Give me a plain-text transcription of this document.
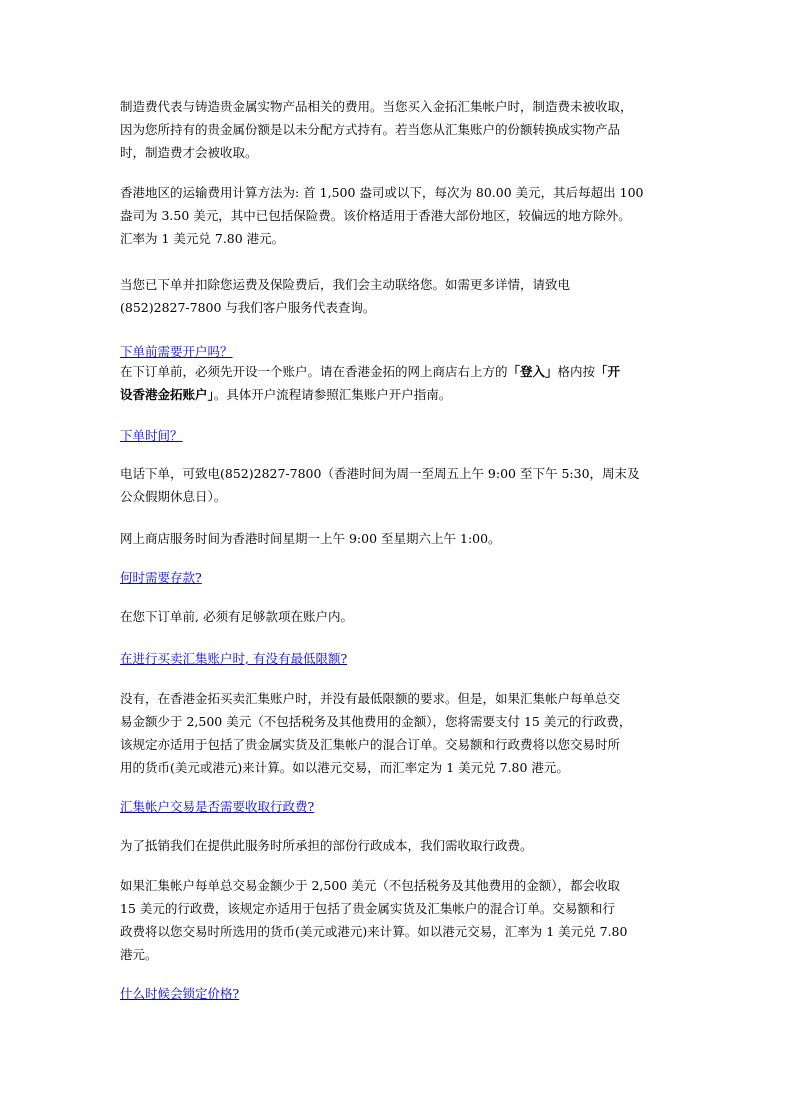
制造费代表与铸造贵金属实物产品相关的费用。当您买入金拓汇集帐户时，制造费未被收取，
因为您所持有的贵金属份额是以未分配方式持有。若当您从汇集账户的份额转换成实物产品
时，制造费才会被收取。
香港地区的运输费用计算方法为: 首 1,500 盎司或以下，每次为 80.00 美元，其后每超出 100
盎司为 3.50 美元，其中已包括保险费。该价格适用于香港大部份地区，较偏远的地方除外。
汇率为 1 美元兑 7.80 港元。
当您已下单并扣除您运费及保险费后，我们会主动联络您。如需更多详情，请致电
(852)2827-7800 与我们客户服务代表查询。
下单前需要开户吗？
在下订单前，必须先开设一个账户。请在香港金拓的网上商店右上方的「登入」格内按「开
设香港金拓账户」。具体开户流程请参照汇集账户开户指南。
下单时间？
电话下单，可致电(852)2827-7800（香港时间为周一至周五上午 9:00 至下午 5:30，周末及
公众假期休息日）。
网上商店服务时间为香港时间星期一上午 9:00 至星期六上午 1:00。
何时需要存款?
在您下订单前, 必须有足够款项在账户内。
在进行买卖汇集账户时, 有没有最低限额?
没有，在香港金拓买卖汇集账户时，并没有最低限额的要求。但是，如果汇集帐户每单总交
易金额少于 2,500 美元（不包括税务及其他费用的金额），您将需要支付 15 美元的行政费，
该规定亦适用于包括了贵金属实货及汇集帐户的混合订单。交易额和行政费将以您交易时所
用的货币(美元或港元)来计算。如以港元交易，而汇率定为 1 美元兑 7.80 港元。
汇集帐户交易是否需要收取行政费?
为了抵销我们在提供此服务时所承担的部份行政成本，我们需收取行政费。
如果汇集帐户每单总交易金额少于 2,500 美元（不包括税务及其他费用的金额），都会收取
15 美元的行政费，该规定亦适用于包括了贵金属实货及汇集帐户的混合订单。交易额和行
政费将以您交易时所选用的货币(美元或港元)来计算。如以港元交易，汇率为 1 美元兑 7.80
港元。
什么时候会锁定价格?
